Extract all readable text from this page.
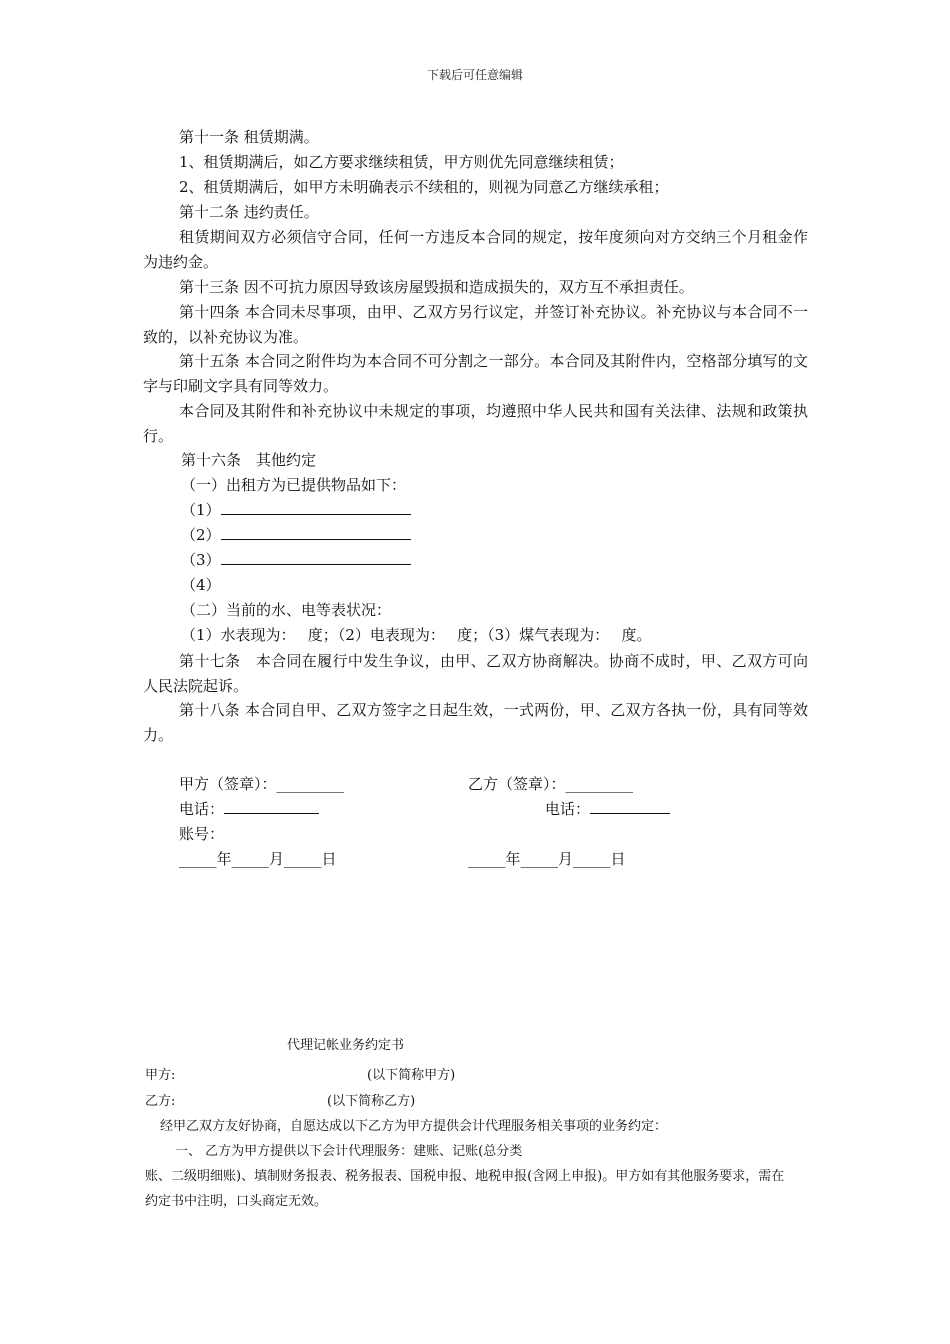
下载后可任意编辑
第十一条 租赁期满。
1、租赁期满后，如乙方要求继续租赁，甲方则优先同意继续租赁；
2、租赁期满后，如甲方未明确表示不续租的，则视为同意乙方继续承租；
第十二条 违约责任。
租赁期间双方必须信守合同，任何一方违反本合同的规定，按年度须向对方交纳三个月租金作为违约金。
第十三条 因不可抗力原因导致该房屋毁损和造成损失的，双方互不承担责任。
第十四条 本合同未尽事项，由甲、乙双方另行议定，并签订补充协议。补充协议与本合同不一致的，以补充协议为准。
第十五条 本合同之附件均为本合同不可分割之一部分。本合同及其附件内，空格部分填写的文字与印刷文字具有同等效力。
本合同及其附件和补充协议中未规定的事项，均遵照中华人民共和国有关法律、法规和政策执行。
第十六条　其他约定
（一）出租方为已提供物品如下：
（1）
（2）
（3）
（4）
（二）当前的水、电等表状况：
（1）水表现为：　 度；（2）电表现为：　 度；（3）煤气表现为：　 度。
第十七条　本合同在履行中发生争议，由甲、乙双方协商解决。协商不成时，甲、乙双方可向人民法院起诉。
第十八条 本合同自甲、乙双方签字之日起生效，一式两份，甲、乙双方各执一份，具有同等效力。
甲方（签章）：_________	乙方（签章）：_________
电话：	电话：
账号：
_____年_____月_____日	_____年_____月_____日
代理记帐业务约定书
甲方:	(以下简称甲方)
乙方:	(以下简称乙方)
经甲乙双方友好协商，自愿达成以下乙方为甲方提供会计代理服务相关事项的业务约定：
一、 乙方为甲方提供以下会计代理服务：建账、记账(总分类
账、二级明细账)、填制财务报表、税务报表、国税申报、地税申报(含网上申报)。甲方如有其他服务要求，需在
约定书中注明，口头商定无效。
